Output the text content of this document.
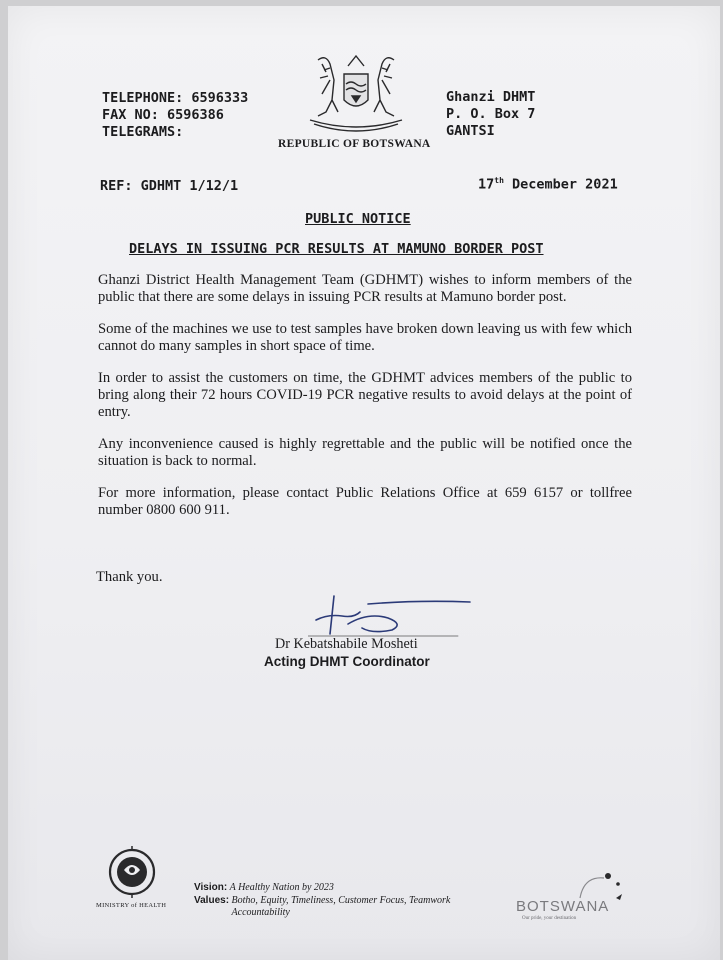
TELEPHONE: 6596333
FAX NO: 6596386
TELEGRAMS:
Ghanzi DHMT
P. O. Box 7
GANTSI
REPUBLIC OF BOTSWANA
REF: GDHMT 1/12/1	17th December 2021
PUBLIC NOTICE
DELAYS IN ISSUING PCR RESULTS AT MAMUNO BORDER POST

Ghanzi District Health Management Team (GDHMT) wishes to inform members of the public that there are some delays in issuing PCR results at Mamuno border post.

Some of the machines we use to test samples have broken down leaving us with few which cannot do many samples in short space of time.

In order to assist the customers on time, the GDHMT advices members of the public to bring along their 72 hours COVID-19 PCR negative results to avoid delays at the point of entry.

Any inconvenience caused is highly regrettable and the public will be notified once the situation is back to normal.

For more information, please contact Public Relations Office at 659 6157 or tollfree number 0800 600 911.

Thank you.
Dr Kebatshabile Mosheti
Acting DHMT Coordinator
MINISTRY of HEALTH
Vision: A Healthy Nation by 2023
Values: Botho, Equity, Timeliness, Customer Focus, Teamwork Accountability	BOTSWANA
Our pride, your destination
